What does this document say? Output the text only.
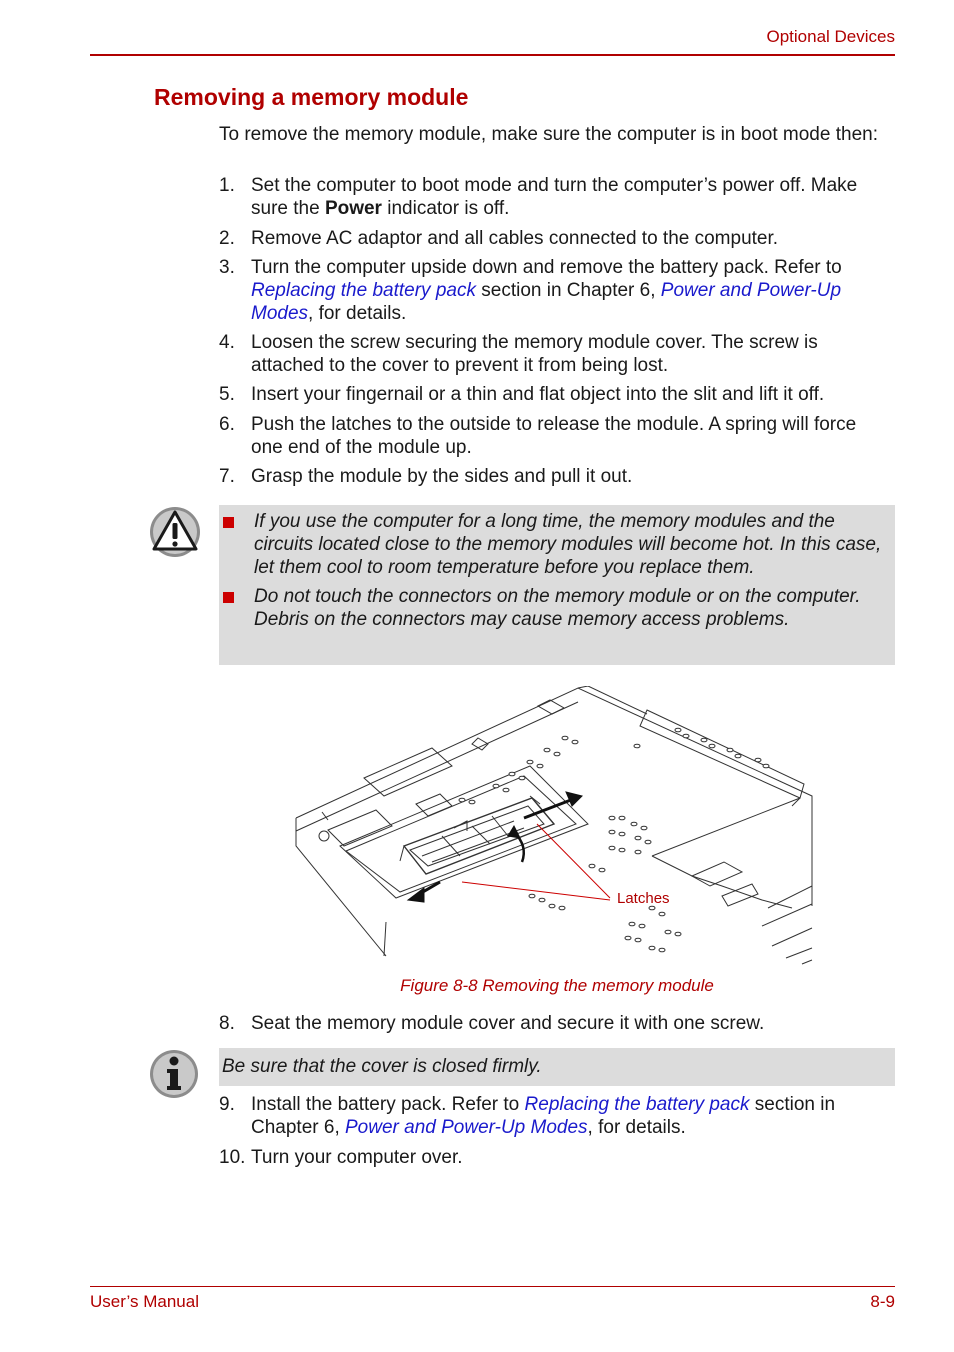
Optional Devices
Removing a memory module
To remove the memory module, make sure the computer is in boot mode then:
1. Set the computer to boot mode and turn the computer’s power off. Make sure the Power indicator is off.
2. Remove AC adaptor and all cables connected to the computer.
3. Turn the computer upside down and remove the battery pack. Refer to Replacing the battery pack section in Chapter 6, Power and Power-Up Modes, for details.
4. Loosen the screw securing the memory module cover. The screw is attached to the cover to prevent it from being lost.
5. Insert your fingernail or a thin and flat object into the slit and lift it off.
6. Push the latches to the outside to release the module. A spring will force one end of the module up.
7. Grasp the module by the sides and pull it out.
If you use the computer for a long time, the memory modules and the circuits located close to the memory modules will become hot. In this case, let them cool to room temperature before you replace them.
Do not touch the connectors on the memory module or on the computer. Debris on the connectors may cause memory access problems.
Latches
Figure 8-8 Removing the memory module
8. Seat the memory module cover and secure it with one screw.
Be sure that the cover is closed firmly.
9. Install the battery pack. Refer to Replacing the battery pack section in Chapter 6, Power and Power-Up Modes, for details.
10. Turn your computer over.
User’s Manual	8-9
